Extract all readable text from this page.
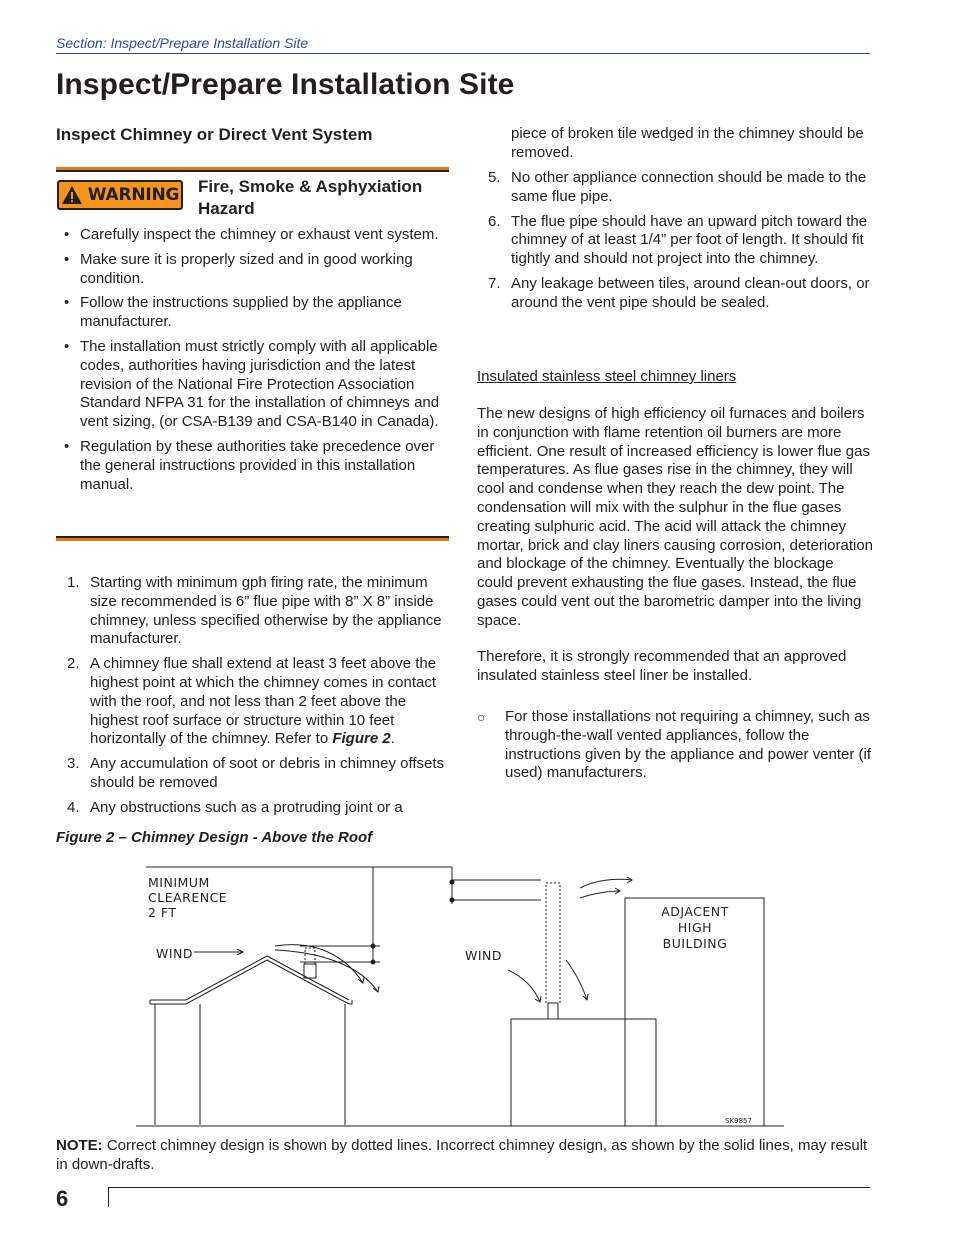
Section: Inspect/Prepare Installation Site
Inspect/Prepare Installation Site
Inspect Chimney or Direct Vent System
WARNING Fire, Smoke & Asphyxiation Hazard
• Carefully inspect the chimney or exhaust vent system.
• Make sure it is properly sized and in good working condition.
• Follow the instructions supplied by the appliance manufacturer.
• The installation must strictly comply with all applicable codes, authorities having jurisdiction and the latest revision of the National Fire Protection Association Standard NFPA 31 for the installation of chimneys and vent sizing, (or CSA-B139 and CSA-B140 in Canada).
• Regulation by these authorities take precedence over the general instructions provided in this installation manual.
1. Starting with minimum gph firing rate, the minimum size recommended is 6” flue pipe with 8” X 8” inside chimney, unless specified otherwise by the appliance manufacturer.
2. A chimney flue shall extend at least 3 feet above the highest point at which the chimney comes in contact with the roof, and not less than 2 feet above the highest roof surface or structure within 10 feet horizontally of the chimney. Refer to Figure 2.
3. Any accumulation of soot or debris in chimney offsets should be removed
4. Any obstructions such as a protruding joint or a
piece of broken tile wedged in the chimney should be removed.
5. No other appliance connection should be made to the same flue pipe.
6. The flue pipe should have an upward pitch toward the chimney of at least 1/4” per foot of length. It should fit tightly and should not project into the chimney.
7. Any leakage between tiles, around clean-out doors, or around the vent pipe should be sealed.
Insulated stainless steel chimney liners
The new designs of high efficiency oil furnaces and boilers in conjunction with flame retention oil burners are more efficient. One result of increased efficiency is lower flue gas temperatures. As flue gases rise in the chimney, they will cool and condense when they reach the dew point. The condensation will mix with the sulphur in the flue gases creating sulphuric acid. The acid will attack the chimney mortar, brick and clay liners causing corrosion, deterioration and blockage of the chimney. Eventually the blockage could prevent exhausting the flue gases. Instead, the flue gases could vent out the barometric damper into the living space.
Therefore, it is strongly recommended that an approved insulated stainless steel liner be installed.
○ For those installations not requiring a chimney, such as through-the-wall vented appliances, follow the instructions given by the appliance and power venter (if used) manufacturers.
Figure 2 – Chimney Design - Above the Roof
MINIMUM
CLEARENCE
2 FT
WIND	WIND
ADJACENT
HIGH
BUILDING
SK9857
NOTE: Correct chimney design is shown by dotted lines. Incorrect chimney design, as shown by the solid lines, may result in down-drafts.
6
